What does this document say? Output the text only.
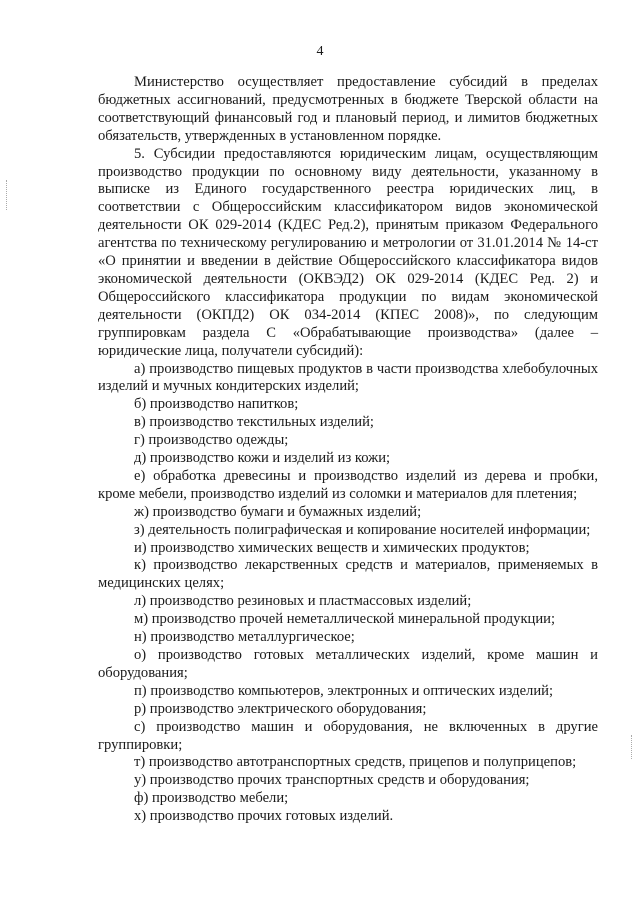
4

Министерство осуществляет предоставление субсидий в пределах бюджетных ассигнований, предусмотренных в бюджете Тверской области на соответствующий финансовый год и плановый период, и лимитов бюджетных обязательств, утвержденных в установленном порядке.

5. Субсидии предоставляются юридическим лицам, осуществляющим производство продукции по основному виду деятельности, указанному в выписке из Единого государственного реестра юридических лиц, в соответствии с Общероссийским классификатором видов экономической деятельности ОК 029-2014 (КДЕС Ред.2), принятым приказом Федерального агентства по техническому регулированию и метрологии от 31.01.2014 № 14-ст «О принятии и введении в действие Общероссийского классификатора видов экономической деятельности (ОКВЭД2) ОК 029-2014 (КДЕС Ред. 2) и Общероссийского классификатора продукции по видам экономической деятельности (ОКПД2) ОК 034-2014 (КПЕС 2008)», по следующим группировкам раздела С «Обрабатывающие производства» (далее – юридические лица, получатели субсидий):

а) производство пищевых продуктов в части производства хлебобулочных изделий и мучных кондитерских изделий;

б) производство напитков;

в) производство текстильных изделий;

г) производство одежды;

д) производство кожи и изделий из кожи;

е) обработка древесины и производство изделий из дерева и пробки, кроме мебели, производство изделий из соломки и материалов для плетения;

ж) производство бумаги и бумажных изделий;

з) деятельность полиграфическая и копирование носителей информации;

и) производство химических веществ и химических продуктов;

к) производство лекарственных средств и материалов, применяемых в медицинских целях;

л) производство резиновых и пластмассовых изделий;

м) производство прочей неметаллической минеральной продукции;

н) производство металлургическое;

о) производство готовых металлических изделий, кроме машин и оборудования;

п) производство компьютеров, электронных и оптических изделий;

р) производство электрического оборудования;

с) производство машин и оборудования, не включенных в другие группировки;

т) производство автотранспортных средств, прицепов и полуприцепов;

у) производство прочих транспортных средств и оборудования;

ф) производство мебели;

х) производство прочих готовых изделий.
